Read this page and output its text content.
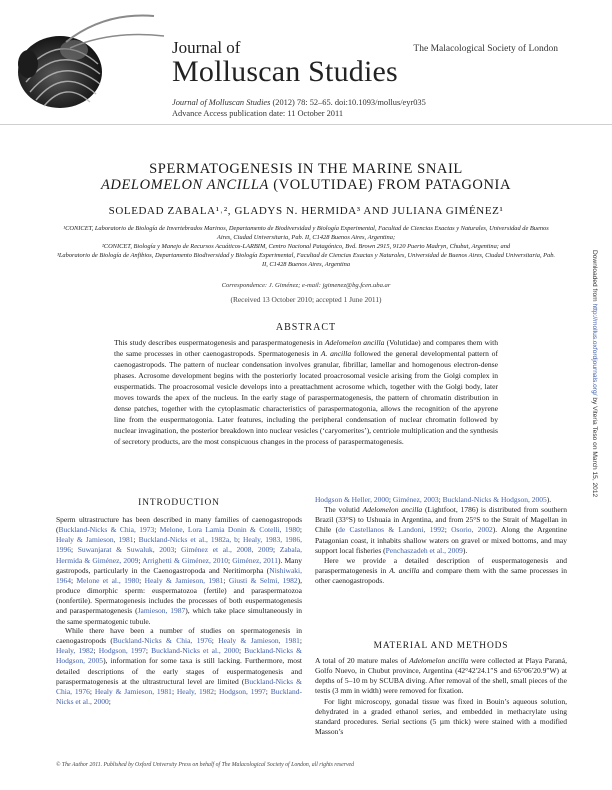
Journal of
Molluscan Studies
The Malacological Society of London
Journal of Molluscan Studies (2012) 78: 52–65. doi:10.1093/mollus/eyr035
Advance Access publication date: 11 October 2011
SPERMATOGENESIS IN THE MARINE SNAIL
ADELOMELON ANCILLA (VOLUTIDAE) FROM PATAGONIA
SOLEDAD ZABALA¹˒², GLADYS N. HERMIDA³ AND JULIANA GIMÉNEZ¹
¹CONICET, Laboratorio de Biología de Invertebrados Marinos, Departamento de Biodiversidad y Biología Experimental, Facultad de Ciencias Exactas y Naturales, Universidad de Buenos Aires, Ciudad Universitaria, Pab. II, C1428 Buenos Aires, Argentina;
²CONICET, Biología y Manejo de Recursos Acuáticos-LARBIM, Centro Nacional Patagónico, Bvd. Brown 2915, 9120 Puerto Madryn, Chubut, Argentina; and
³Laboratorio de Biología de Anfibios, Departamento Biodiversidad y Biología Experimental, Facultad de Ciencias Exactas y Naturales, Universidad de Buenos Aires, Ciudad Universitaria, Pab. II, C1428 Buenos Aires, Argentina
Correspondence: J. Giménez; e-mail: jgimenez@bg.fcen.uba.ar
(Received 13 October 2010; accepted 1 June 2011)
ABSTRACT
This study describes euspermatogenesis and paraspermatogenesis in Adelomelon ancilla (Volutidae) and compares them with the same processes in other caenogastropods. Spermatogenesis in A. ancilla followed the general developmental pattern of caenogastropods. The pattern of nuclear condensation involves granular, fibrillar, lamellar and homogenous electron-dense phases. Acrosome development begins with the posteriorly located proacrosomal vesicle arising from the Golgi complex in euspermatids. The proacrosomal vesicle develops into a preattachment acrosome which, together with the Golgi body, later moves towards the apex of the nucleus. In the early stage of paraspermatogenesis, the pattern of chromatin distribution in dense patches, together with the cytoplasmatic characteristics of paraspermatogonia, allows the recognition of the apyrene line from the euspermatogonia. Later features, including the peripheral condensation of nuclear chromatin followed by nuclear invagination, the posterior breakdown into nuclear vesicles (‘caryomerites’), centriole multiplication and the synthesis of secretory products, are the most conspicuous changes in the process of paraspermatogenesis.
INTRODUCTION

Sperm ultrastructure has been described in many families of caenogastropods (Buckland-Nicks & Chia, 1973; Melone, Lora Lamia Donin & Cotelli, 1980; Healy & Jamieson, 1981; Buckland-Nicks et al., 1982a, b; Healy, 1983, 1986, 1996; Suwanjarat & Suwaluk, 2003; Giménez et al., 2008, 2009; Zabala, Hermida & Giménez, 2009; Arrighetti & Giménez, 2010; Giménez, 2011). Many gastropods, particularly in the Caenogastropoda and Neritimorpha (Nishiwaki, 1964; Melone et al., 1980; Healy & Jamieson, 1981; Giusti & Selmi, 1982), produce dimorphic sperm: euspermatozoa (fertile) and paraspermatozoa (nonfertile). Spermatogenesis includes the processes of both euspermatogenesis and paraspermatogenesis (Jamieson, 1987), which take place simultaneously in the same spermatogenic tubule.

While there have been a number of studies on spermatogenesis in caenogastropods (Buckland-Nicks & Chia, 1976; Healy & Jamieson, 1981; Healy, 1982; Hodgson, 1997; Buckland-Nicks et al., 2000; Buckland-Nicks & Hodgson, 2005), information for some taxa is still lacking. Furthermore, most detailed descriptions of the early stages of euspermatogenesis and paraspermatogenesis at the ultrastructural level are limited (Buckland-Nicks & Chia, 1976; Healy & Jamieson, 1981; Healy, 1982; Hodgson, 1997; Buckland-Nicks et al., 2000;

Hodgson & Heller, 2000; Giménez, 2003; Buckland-Nicks & Hodgson, 2005).

The volutid Adelomelon ancilla (Lightfoot, 1786) is distributed from southern Brazil (33°S) to Ushuaia in Argentina, and from 25°S to the Strait of Magellan in Chile (de Castellanos & Landoni, 1992; Osorio, 2002). Along the Argentine Patagonian coast, it inhabits shallow waters on gravel or mixed bottoms, and may support local fisheries (Penchaszadeh et al., 2009).

Here we provide a detailed description of euspermatogenesis and paraspermatogenesis in A. ancilla and compare them with the same processes in other caenogastropods.

MATERIAL AND METHODS

A total of 20 mature males of Adelomelon ancilla were collected at Playa Paraná, Golfo Nuevo, in Chubut province, Argentina (42°42′24.1″S and 65°06′20.9″W) at depths of 5–10 m by SCUBA diving. After removal of the shell, small pieces of the testis (3 mm in width) were removed for fixation.

For light microscopy, gonadal tissue was fixed in Bouin’s aqueous solution, dehydrated in a graded ethanol series, and embedded in methacrylate using standard procedures. Serial sections (5 µm thick) were stained with a modified Masson’s

© The Author 2011. Published by Oxford University Press on behalf of The Malacological Society of London, all rights reserved
Downloaded from http://mollus.oxfordjournals.org/ by Viteria Teso on March 15, 2012
